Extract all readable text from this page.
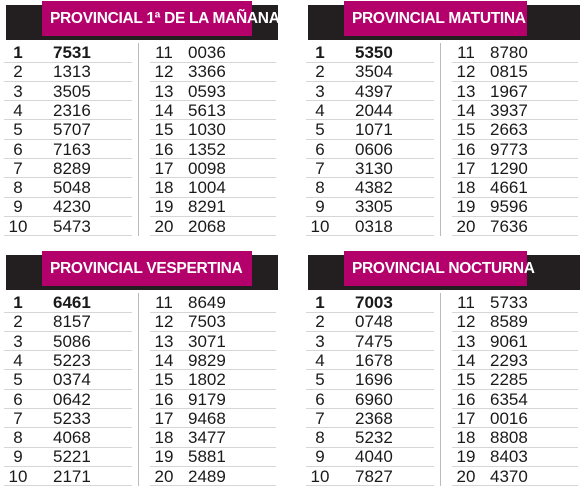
PROVINCIAL 1ª DE LA MAÑANA
1	7531
2	1313
3	3505
4	2316
5	5707
6	7163
7	8289
8	5048
9	4230
10 5473
11 0036
12 3366
13 0593
14 5613
15 1030
16 1352
17 0098
18 1004
19 8291
20 2068
PROVINCIAL MATUTINA
1	5350
2	3504
3	4397
4	2044
5	1071
6	0606
7	3130
8	4382
9	3305
10 0318
11 8780
12 0815
13 1967
14 3937
15 2663
16 9773
17 1290
18 4661
19 9596
20 7636
PROVINCIAL VESPERTINA
1	6461
2	8157
3	5086
4	5223
5	0374
6	0642
7	5233
8	4068
9	5221
10 2171
11 8649
12 7503
13 3071
14 9829
15 1802
16 9179
17 9468
18 3477
19 5881
20 2489
PROVINCIAL NOCTURNA
1	7003
2	0748
3	7475
4	1678
5	1696
6	6960
7	2368
8	5232
9	4040
10 7827
11 5733
12 8589
13 9061
14 2293
15 2285
16 6354
17 0016
18 8808
19 8403
20 4370
